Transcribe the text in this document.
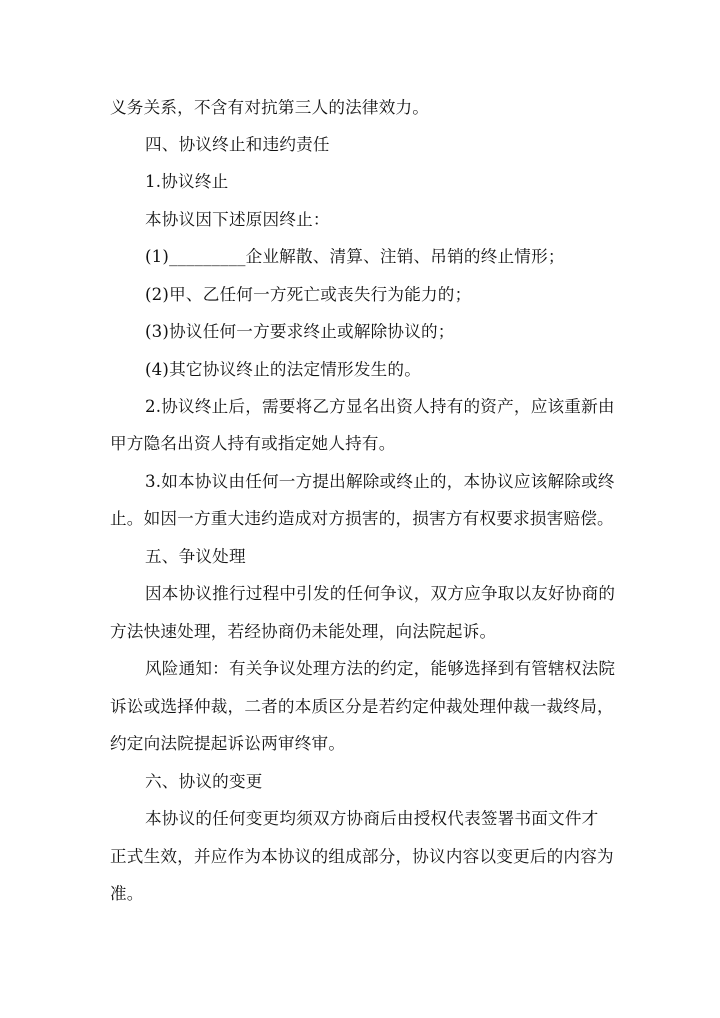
义务关系，不含有对抗第三人的法律效力。
四、协议终止和违约责任
1.协议终止
本协议因下述原因终止：
(1)_________企业解散、清算、注销、吊销的终止情形；
(2)甲、乙任何一方死亡或丧失行为能力的；
(3)协议任何一方要求终止或解除协议的；
(4)其它协议终止的法定情形发生的。
2.协议终止后，需要将乙方显名出资人持有的资产，应该重新由
甲方隐名出资人持有或指定她人持有。
3.如本协议由任何一方提出解除或终止的，本协议应该解除或终
止。如因一方重大违约造成对方损害的，损害方有权要求损害赔偿。
五、争议处理
因本协议推行过程中引发的任何争议，双方应争取以友好协商的
方法快速处理，若经协商仍未能处理，向法院起诉。
风险通知：有关争议处理方法的约定，能够选择到有管辖权法院
诉讼或选择仲裁，二者的本质区分是若约定仲裁处理仲裁一裁终局，
约定向法院提起诉讼两审终审。
六、协议的变更
本协议的任何变更均须双方协商后由授权代表签署书面文件才
正式生效，并应作为本协议的组成部分，协议内容以变更后的内容为
准。
